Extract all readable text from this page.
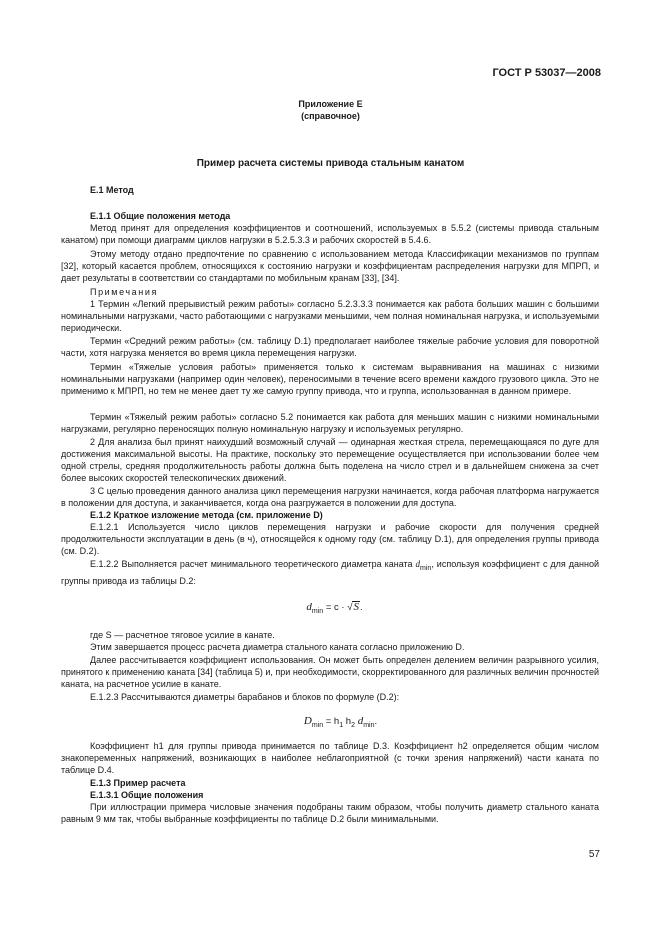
ГОСТ Р 53037—2008
Приложение Е
(справочное)
Пример расчета системы привода стальным канатом
Е.1 Метод
Е.1.1 Общие положения метода

Метод принят для определения коэффициентов и соотношений, используемых в 5.5.2 (системы привода стальным канатом) при помощи диаграмм циклов нагрузки в 5.2.5.3.3 и рабочих скоростей в 5.4.6.

Этому методу отдано предпочтение по сравнению с использованием метода Классификации механизмов по группам [32], который касается проблем, относящихся к состоянию нагрузки и коэффициентам распределения нагрузки для МПРП, и дает результаты в соответствии со стандартами по мобильным кранам [33], [34].

Примечания

1 Термин «Легкий прерывистый режим работы» согласно 5.2.3.3.3 понимается как работа больших машин с большими номинальными нагрузками, часто работающими с нагрузками меньшими, чем полная номинальная нагрузка, и используемыми периодически.

Термин «Средний режим работы» (см. таблицу D.1) предполагает наиболее тяжелые рабочие условия для поворотной части, хотя нагрузка меняется во время цикла перемещения нагрузки.

Термин «Тяжелые условия работы» применяется только к системам выравнивания на машинах с низкими номинальными нагрузками (например один человек), переносимыми в течение всего времени каждого грузового цикла. Это не применимо к МПРП, но тем не менее дает ту же самую группу привода, что и группа, использованная в данном примере.

Термин «Тяжелый режим работы» согласно 5.2 понимается как работа для меньших машин с низкими номинальными нагрузками, регулярно переносящих полную номинальную нагрузку и используемых регулярно.

2 Для анализа был принят наихудший возможный случай — одинарная жесткая стрела, перемещающаяся по дуге для достижения максимальной высоты. На практике, поскольку это перемещение осуществляется при использовании более чем одной стрелы, средняя продолжительность работы должна быть поделена на число стрел и в дальнейшем снижена за счет более высоких скоростей телескопических движений.

3 С целью проведения данного анализа цикл перемещения нагрузки начинается, когда рабочая платформа нагружается в положении для доступа, и заканчивается, когда она разгружается в положении для доступа.

Е.1.2 Краткое изложение метода (см. приложение D)

Е.1.2.1 Используется число циклов перемещения нагрузки и рабочие скорости для получения средней продолжительности эксплуатации в день (в ч), относящейся к одному году (см. таблицу D.1), для определения группы привода (см. D.2).

Е.1.2.2 Выполняется расчет минимального теоретического диаметра каната $d_{min}$, используя коэффициент c для данной группы привода из таблицы D.2:

$d_{min} = c \cdot √S$.

где S — расчетное тяговое усилие в канате.

Этим завершается процесс расчета диаметра стального каната согласно приложению D.

Далее рассчитывается коэффициент использования. Он может быть определен делением величин разрывного усилия, принятого к применению каната [34] (таблица 5) и, при необходимости, скорректированного для различных величин прочностей каната, на расчетное усилие в канате.

Е.1.2.3 Рассчитываются диаметры барабанов и блоков по формуле (D.2):

$D_{min} = h_1$ $h_2$ $d_{min}$.

Коэффициент h1 для группы привода принимается по таблице D.3. Коэффициент h2 определяется общим числом знакопеременных напряжений, возникающих в наиболее неблагоприятной (с точки зрения напряжений) части каната по таблице D.4.

Е.1.3 Пример расчета
Е.1.3.1 Общие положения

При иллюстрации примера числовые значения подобраны таким образом, чтобы получить диаметр стального каната равным 9 мм так, чтобы выбранные коэффициенты по таблице D.2 были минимальными.

57
